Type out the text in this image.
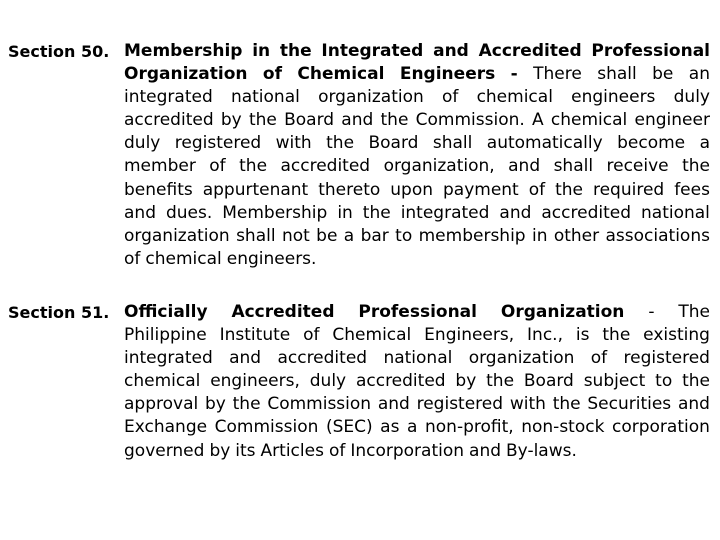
Section 50. Membership in the Integrated and Accredited Professional
Organization of Chemical Engineers - There shall be an
integrated national organization of chemical engineers duly
accredited by the Board and the Commission. A chemical engineer
duly registered with the Board shall automatically become a
member of the accredited organization, and shall receive the
benefits appurtenant thereto upon payment of the required fees
and dues. Membership in the integrated and accredited national
organization shall not be a bar to membership in other associations
of chemical engineers.
Section 51. Officially Accredited Professional Organization - The
Philippine Institute of Chemical Engineers, Inc., is the existing
integrated and accredited national organization of registered
chemical engineers, duly accredited by the Board subject to the
approval by the Commission and registered with the Securities and
Exchange Commission (SEC) as a non-profit, non-stock corporation
governed by its Articles of Incorporation and By-laws.
